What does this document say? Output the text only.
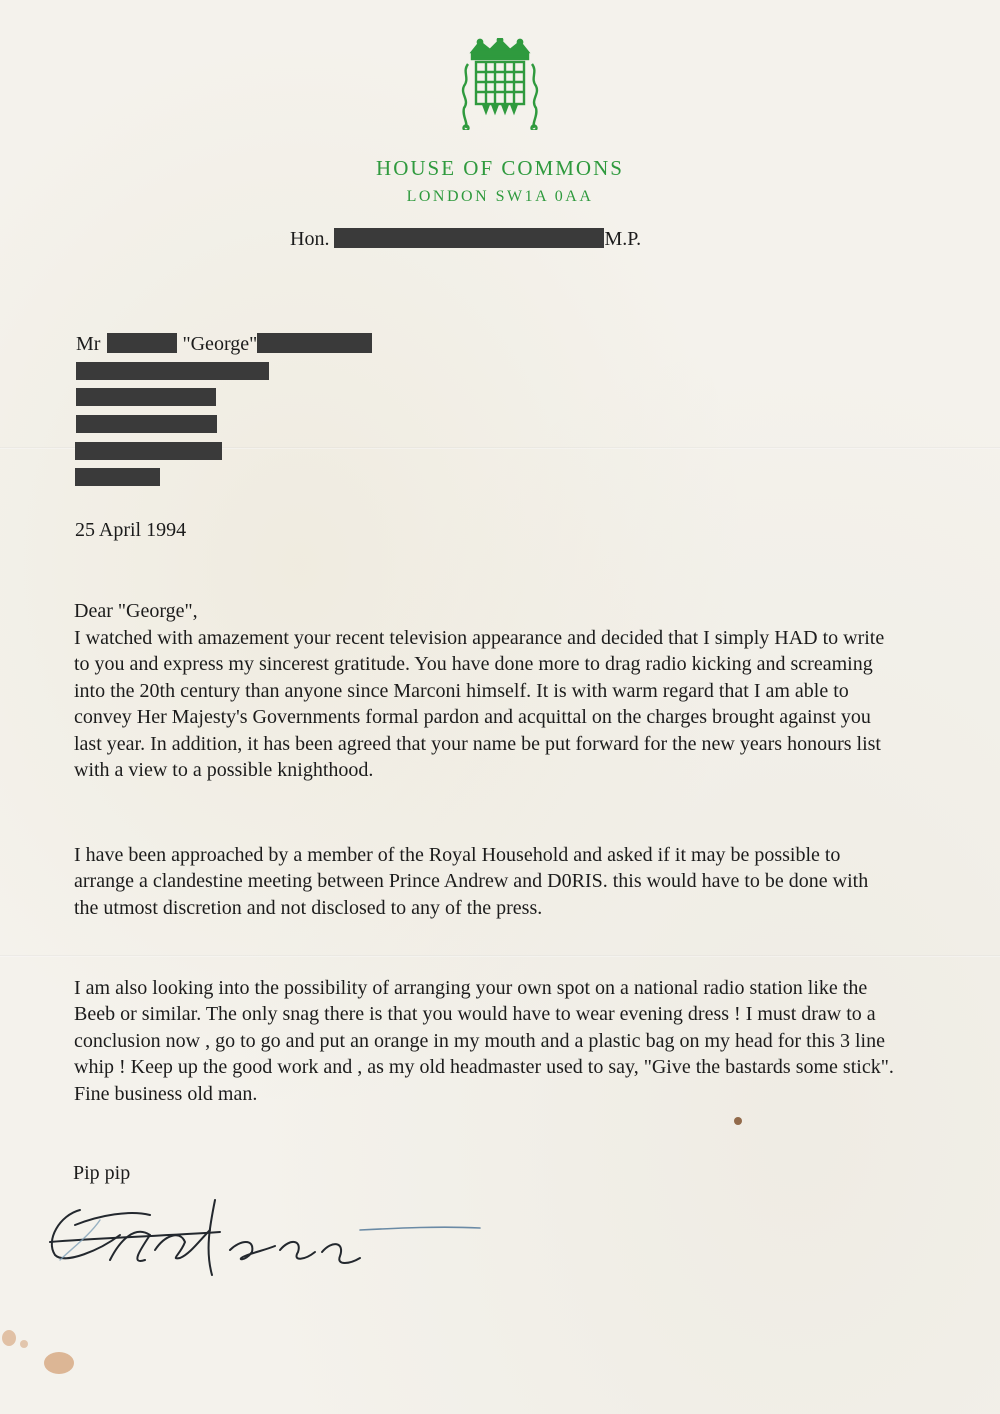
HOUSE OF COMMONS
LONDON SW1A 0AA
Hon.	M.P.
Mr	"George"
25 April 1994
Dear "George",

I watched with amazement your recent television appearance and decided that I simply HAD to write to you and express my sincerest gratitude. You have done more to drag radio kicking and screaming into the 20th century than anyone since Marconi himself. It is with warm regard that I am able to convey Her Majesty's Governments formal pardon and acquittal on the charges brought against you last year. In addition, it has been agreed that your name be put forward for the new years honours list with a view to a possible knighthood.

I have been approached by a member of the Royal Household and asked if it may be possible to arrange a clandestine meeting between Prince Andrew and D0RIS. this would have to be done with the utmost discretion and not disclosed to any of the press.

I am also looking into the possibility of arranging your own spot on a national radio station like the Beeb or similar. The only snag there is that you would have to wear evening dress ! I must draw to a conclusion now , go to go and put an orange in my mouth and a plastic bag on my head for this 3 line whip ! Keep up the good work and , as my old headmaster used to say, "Give the bastards some stick". Fine business old man.

Pip pip
